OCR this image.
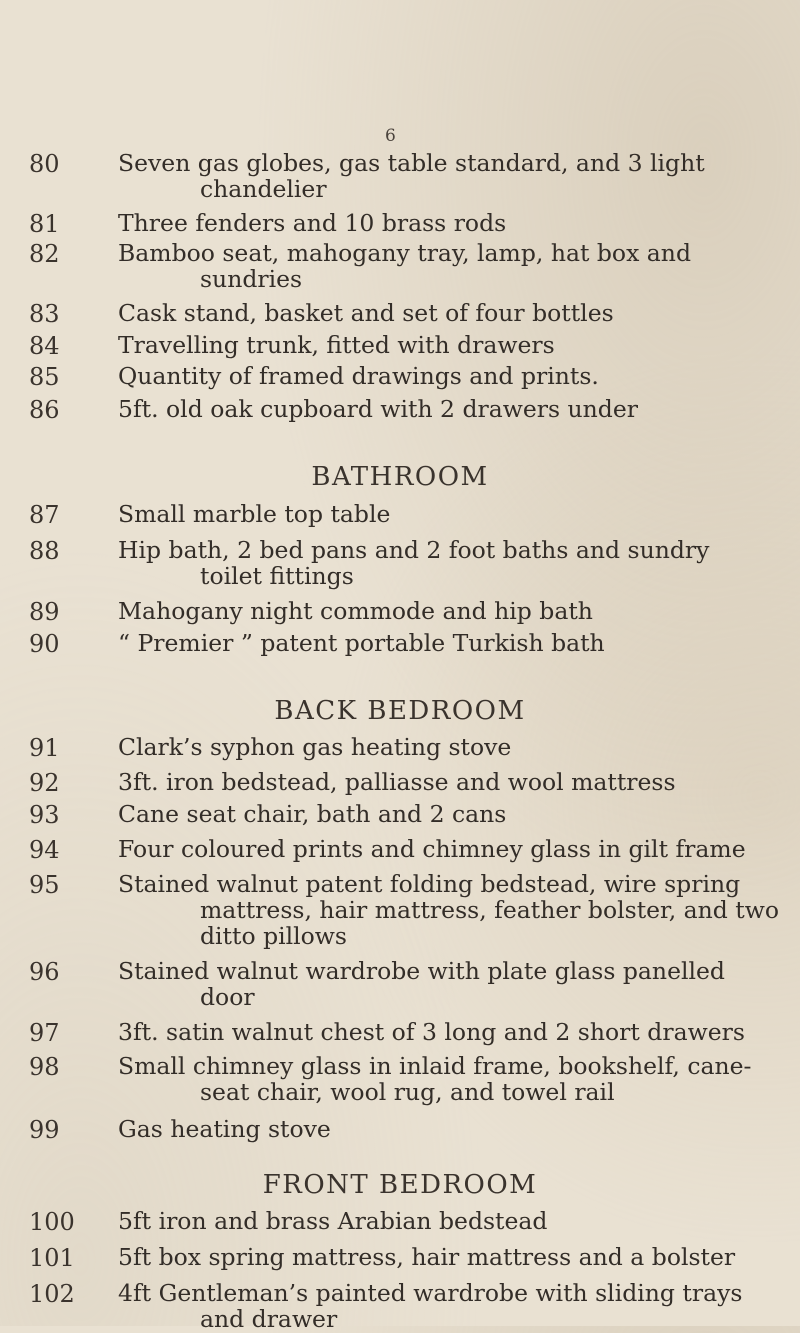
6
80	Seven gas globes, gas table standard, and 3 light
chandelier
81	Three fenders and 10 brass rods
82	Bamboo seat, mahogany tray, lamp, hat box and
sundries
83	Cask stand, basket and set of four bottles
84	Travelling trunk, fitted with drawers
85	Quantity of framed drawings and prints.
86	5ft. old oak cupboard with 2 drawers under
BATHROOM
87	Small marble top table
88	Hip bath, 2 bed pans and 2 foot baths and sundry
toilet fittings
89	Mahogany night commode and hip bath
90	“ Premier ” patent portable Turkish bath
BACK BEDROOM
91	Clark’s syphon gas heating stove
92	3ft. iron bedstead, palliasse and wool mattress
93	Cane seat chair, bath and 2 cans
94	Four coloured prints and chimney glass in gilt frame
95	Stained walnut patent folding bedstead, wire spring
mattress, hair mattress, feather bolster, and two
ditto pillows
96	Stained walnut wardrobe with plate glass panelled
door
97	3ft. satin walnut chest of 3 long and 2 short drawers
98	Small chimney glass in inlaid frame, bookshelf, cane-
seat chair, wool rug, and towel rail
99	Gas heating stove
FRONT BEDROOM
100	5ft iron and brass Arabian bedstead
101	5ft box spring mattress, hair mattress and a bolster
102	4ft Gentleman’s painted wardrobe with sliding trays
and drawer
